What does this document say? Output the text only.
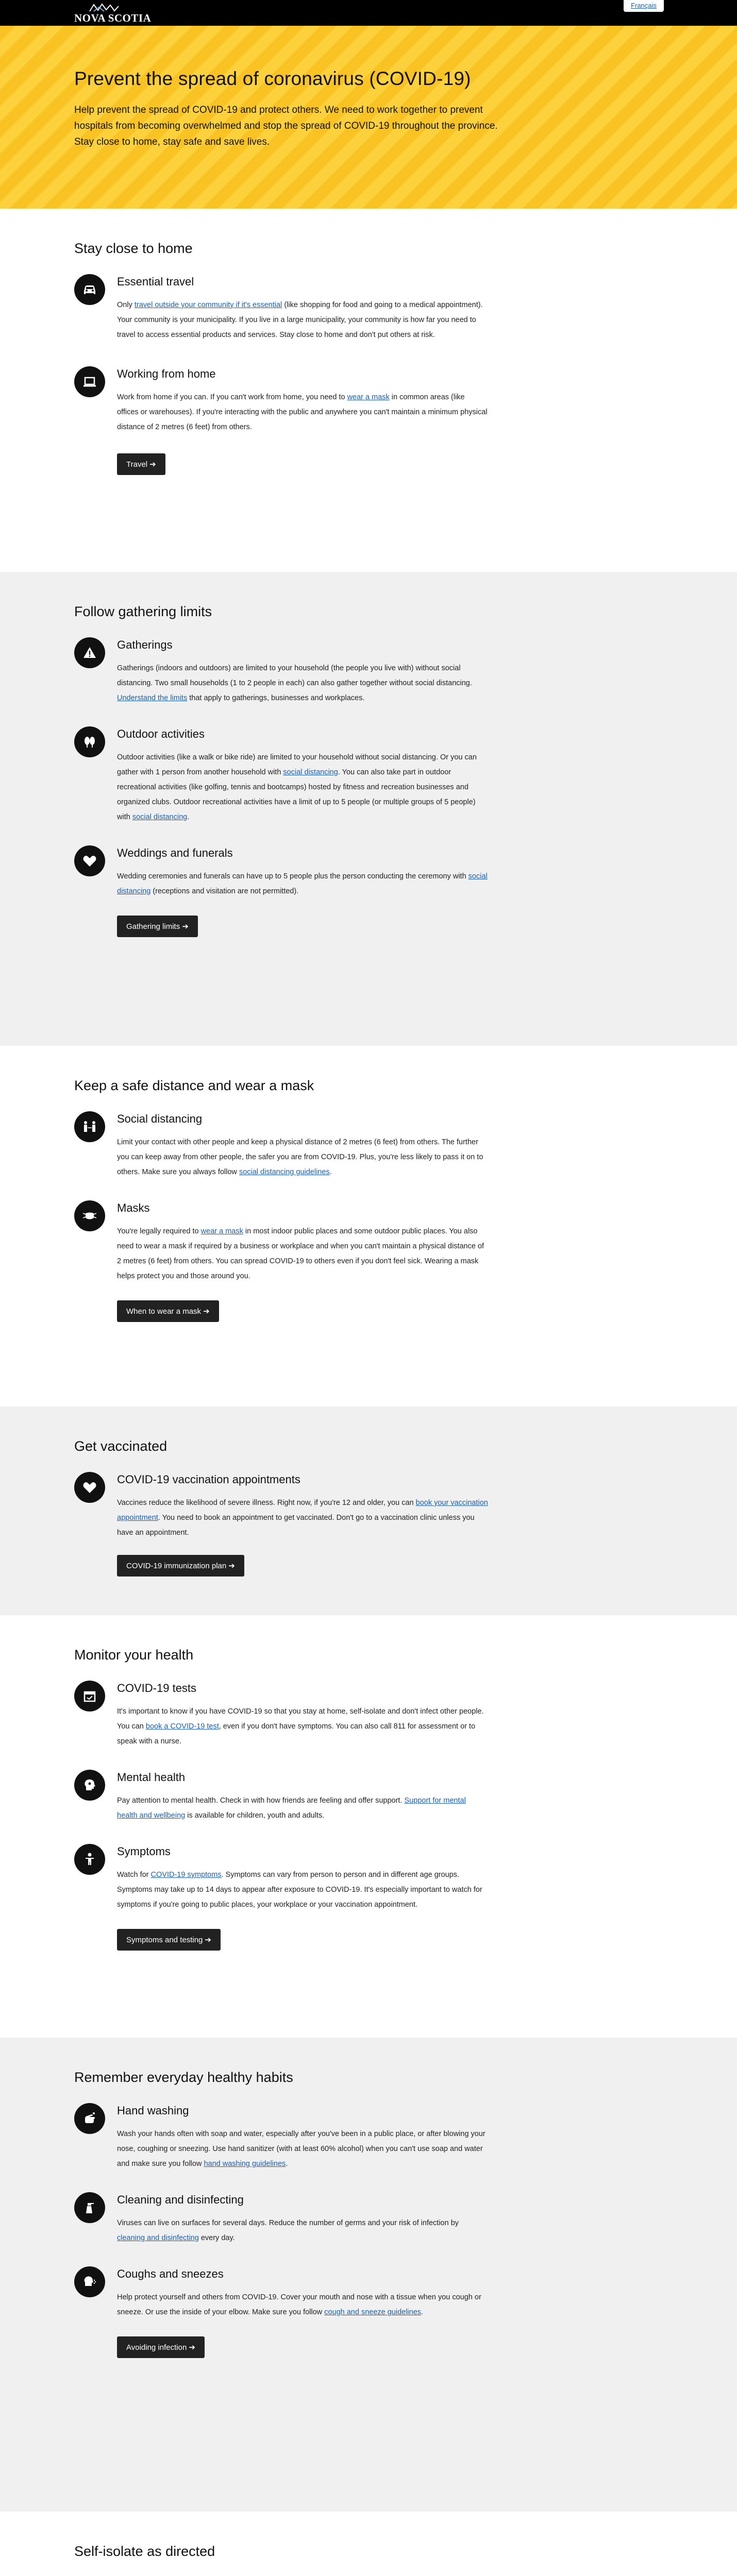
NOVA SCOTIA
Français
Prevent the spread of coronavirus (COVID-19)

Help prevent the spread of COVID-19 and protect others. We need to work together to prevent hospitals from becoming overwhelmed and stop the spread of COVID-19 throughout the province. Stay close to home, stay safe and save lives.

Stay close to home
Essential travel

Only travel outside your community if it's essential (like shopping for food and going to a medical appointment). Your community is your municipality. If you live in a large municipality, your community is how far you need to travel to access essential products and services. Stay close to home and don't put others at risk.

Working from home

Work from home if you can. If you can't work from home, you need to wear a mask in common areas (like offices or warehouses). If you're interacting with the public and anywhere you can't maintain a minimum physical distance of 2 metres (6 feet) from others.

Travel ➔
Follow gathering limits
Gatherings

Gatherings (indoors and outdoors) are limited to your household (the people you live with) without social distancing. Two small households (1 to 2 people in each) can also gather together without social distancing. Understand the limits that apply to gatherings, businesses and workplaces.

Outdoor activities

Outdoor activities (like a walk or bike ride) are limited to your household without social distancing. Or you can gather with 1 person from another household with social distancing. You can also take part in outdoor recreational activities (like golfing, tennis and bootcamps) hosted by fitness and recreation businesses and organized clubs. Outdoor recreational activities have a limit of up to 5 people (or multiple groups of 5 people) with social distancing.

Weddings and funerals

Wedding ceremonies and funerals can have up to 5 people plus the person conducting the ceremony with social distancing (receptions and visitation are not permitted).

Gathering limits ➔
Keep a safe distance and wear a mask
Social distancing

Limit your contact with other people and keep a physical distance of 2 metres (6 feet) from others. The further you can keep away from other people, the safer you are from COVID-19. Plus, you're less likely to pass it on to others. Make sure you always follow social distancing guidelines.

Masks

You're legally required to wear a mask in most indoor public places and some outdoor public places. You also need to wear a mask if required by a business or workplace and when you can't maintain a physical distance of 2 metres (6 feet) from others. You can spread COVID-19 to others even if you don't feel sick. Wearing a mask helps protect you and those around you.

When to wear a mask ➔
Get vaccinated
COVID-19 vaccination appointments

Vaccines reduce the likelihood of severe illness. Right now, if you're 12 and older, you can book your vaccination appointment. You need to book an appointment to get vaccinated. Don't go to a vaccination clinic unless you have an appointment.

COVID-19 immunization plan ➔
Monitor your health
COVID-19 tests

It's important to know if you have COVID-19 so that you stay at home, self-isolate and don't infect other people. You can book a COVID-19 test, even if you don't have symptoms. You can also call 811 for assessment or to speak with a nurse.

Mental health

Pay attention to mental health. Check in with how friends are feeling and offer support. Support for mental health and wellbeing is available for children, youth and adults.

Symptoms

Watch for COVID-19 symptoms. Symptoms can vary from person to person and in different age groups. Symptoms may take up to 14 days to appear after exposure to COVID-19. It's especially important to watch for symptoms if you're going to public places, your workplace or your vaccination appointment.

Symptoms and testing ➔
Remember everyday healthy habits
Hand washing

Wash your hands often with soap and water, especially after you've been in a public place, or after blowing your nose, coughing or sneezing. Use hand sanitizer (with at least 60% alcohol) when you can't use soap and water and make sure you follow hand washing guidelines.

Cleaning and disinfecting

Viruses can live on surfaces for several days. Reduce the number of germs and your risk of infection by cleaning and disinfecting every day.

Coughs and sneezes

Help protect yourself and others from COVID-19. Cover your mouth and nose with a tissue when you cough or sneeze. Or use the inside of your elbow. Make sure you follow cough and sneeze guidelines.

Avoiding infection ➔
Self-isolate as directed
